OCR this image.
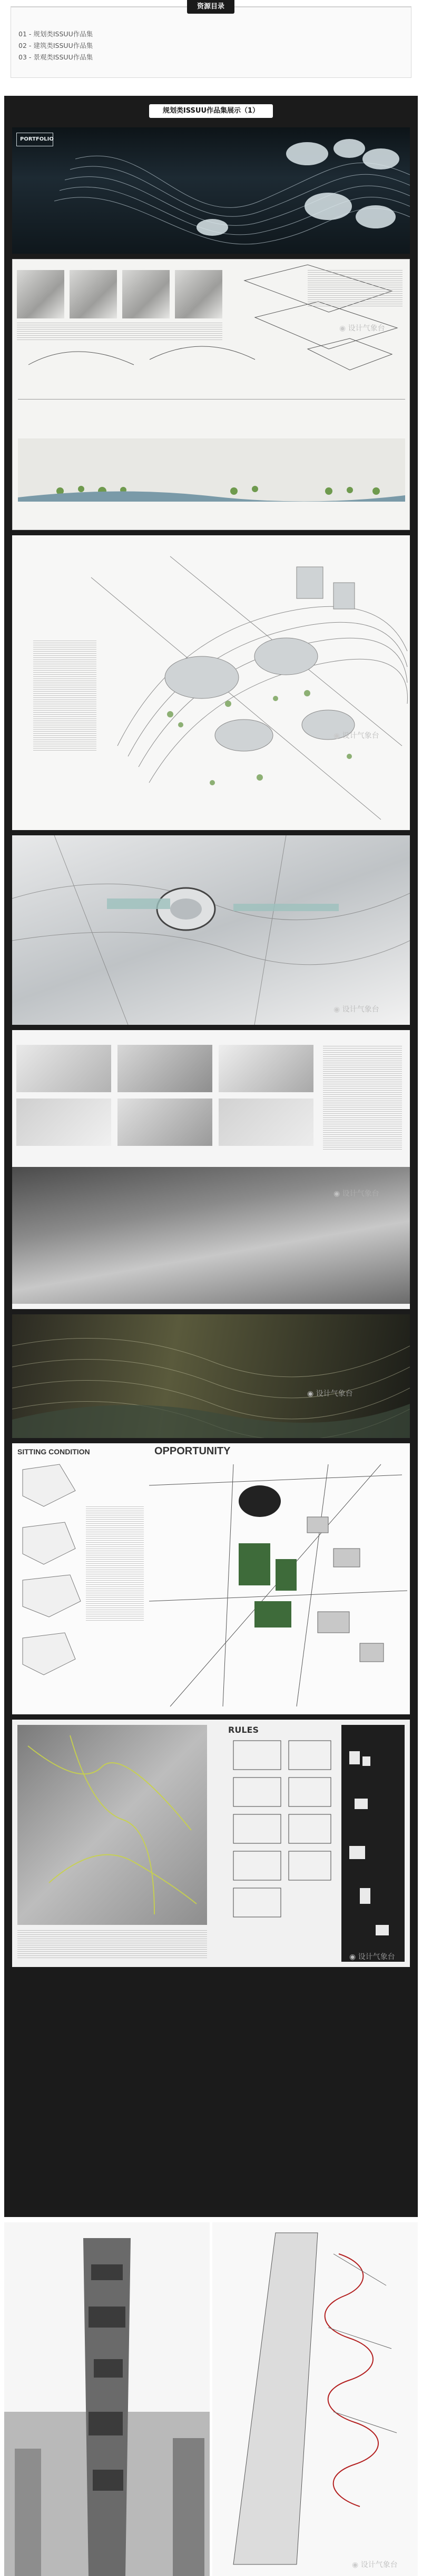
资源目录
01 - 规划类ISSUU作品集
02 - 建筑类ISSUU作品集
03 - 景观类ISSUU作品集
规划类ISSUU作品集展示（1）
PORTFOLIO
◉ 设计气象台
◉ 设计气象台
◉ 设计气象台
◉ 设计气象台
◉ 设计气象台
SITTING CONDITION	OPPORTUNITY
RULES
◉ 设计气象台
◉ 设计气象台
